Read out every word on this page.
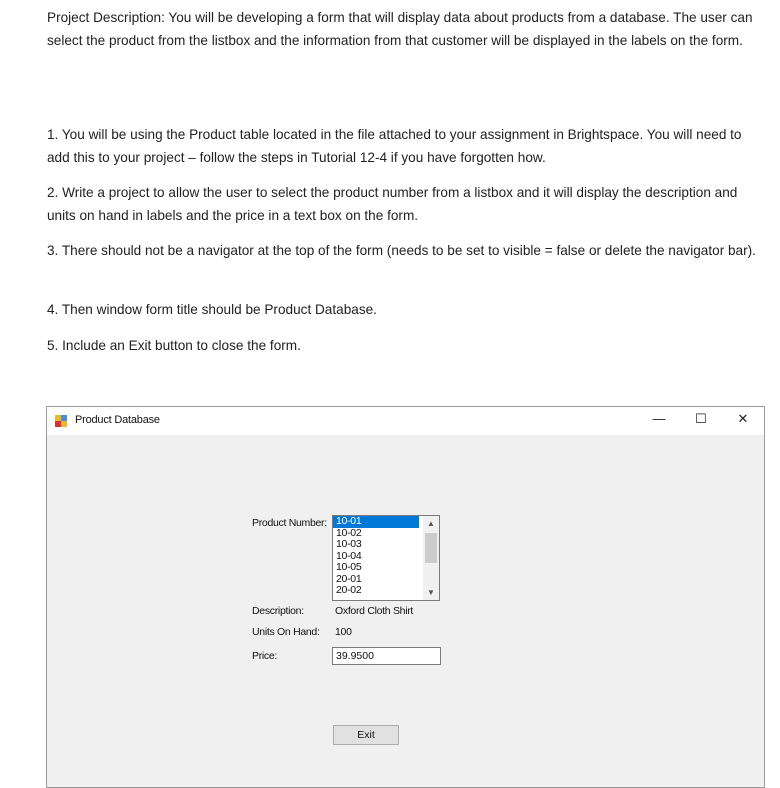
Project Description: You will be developing a form that will display data about products from a database. The user can select the product from the listbox and the information from that customer will be displayed in the labels on the form.
1. You will be using the Product table located in the file attached to your assignment in Brightspace. You will need to add this to your project – follow the steps in Tutorial 12-4 if you have forgotten how.
2. Write a project to allow the user to select the product number from a listbox and it will display the description and units on hand in labels and the price in a text box on the form.
3. There should not be a navigator at the top of the form (needs to be set to visible = false or delete the navigator bar).
4. Then window form title should be Product Database.
5. Include an Exit button to close the form.
Product Database	—	☐	✕
Product Number: 10-01
10-02
10-03
10-04
10-05
20-01
20-02
▲
▼
Description:	Oxford Cloth Shirt
Units On Hand: 100
Price:	39.9500
Exit
